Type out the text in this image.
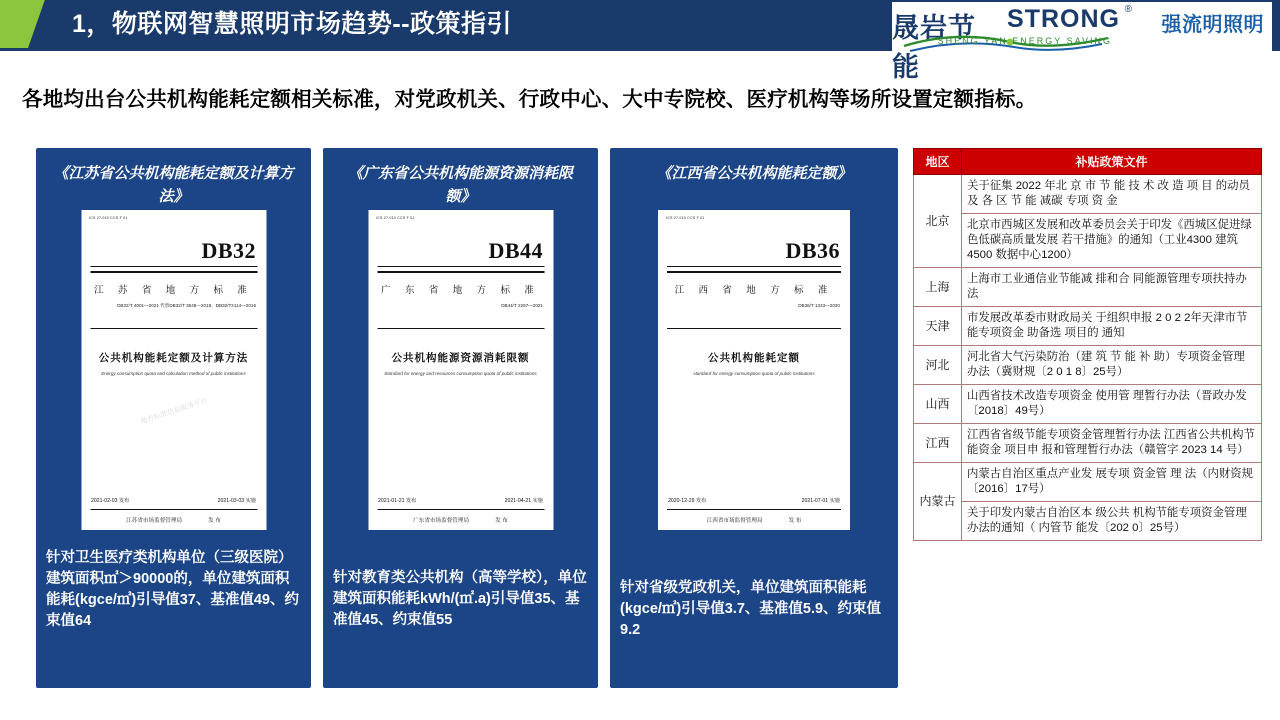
1，物联网智慧照明市场趋势--政策指引	晟岩节能
STRONG ®
强流明照明
SHENG YAN ENERGY SAVING
各地均出台公共机构能耗定额相关标准，对党政机关、行政中心、大中专院校、医疗机构等场所设置定额指标。
《江苏省公共机构能耗定额及计算方法》
ICS 27.010 CCS F 01
DB32
江 苏 省 地 方 标 准
DB32/T 4001—2021 代替DB32/T 3548—2019、DB32/T2114—2016
公共机构能耗定额及计算方法
Energy consumption quota and calculation method of public institutions
地方标准信息服务平台
2021-02-03 发布	2021-03-03 实施
江苏省市场监督管理局	发 布
针对卫生医疗类机构单位（三级医院）建筑面积㎡＞90000的，单位建筑面积能耗(kgce/㎡)引导值37、基准值49、约束值64
《广东省公共机构能源资源消耗限额》
ICS 27.010 CCS F 01
DB44
广 东 省 地 方 标 准
DB44/T 2267—2021
公共机构能源资源消耗限额
Standard for energy and resources consumption quota of public institutions
2021-01-21 发布	2021-04-21 实施
广东省市场监督管理局	发 布
针对教育类公共机构（高等学校），单位建筑面积能耗kWh/(㎡.a)引导值35、基准值45、约束值55
《江西省公共机构能耗定额》
ICS 27.010 CCS F 01
DB36
江 西 省 地 方 标 准
DB36/T 1343—2020
公共机构能耗定额
standard for energy consumption quota of public institutions
2020-12-29 发布	2021-07-01 实施
江西省市场监督管理局	发 布
针对省级党政机关，单位建筑面积能耗(kgce/㎡)引导值3.7、基准值5.9、约束值9.2
地区	补贴政策文件
北京	关于征集 2022 年北 京 市 节 能 技 术 改 造 项 目 的动员及 各 区 节 能 减碳 专项 资 金
	北京市西城区发展和改革委员会关于印发《西城区促进绿色低碳高质量发展 若干措施》的通知（工业4300 建筑4500 数据中心1200）
上海	上海市工业通信业节能减 排和合 同能源管理专项扶持办法
天津	市发展改革委市财政局关 于组织申报 2 0 2 2年天津市节能专项资金 助备选 项目的 通知
河北	河北省大气污染防治（建 筑 节 能 补 助）专项资金管理办法（冀财规〔2 0 1 8〕25号）
山西	山西省技术改造专项资金 使用管 理暂行办法（晋政办发〔2018〕49号）
江西	江西省省级节能专项资金管理暂行办法 江西省公共机构节能资金 项目申 报和管理暂行办法（赣管字 2023 14 号）
内蒙古	内蒙古自治区重点产业发 展专项 资金管 理 法（内财资规〔2016〕17号）
	关于印发内蒙古自治区本 级公共 机构节能专项资金管理办法的通知（ 内管节 能发〔202 0〕25号）
